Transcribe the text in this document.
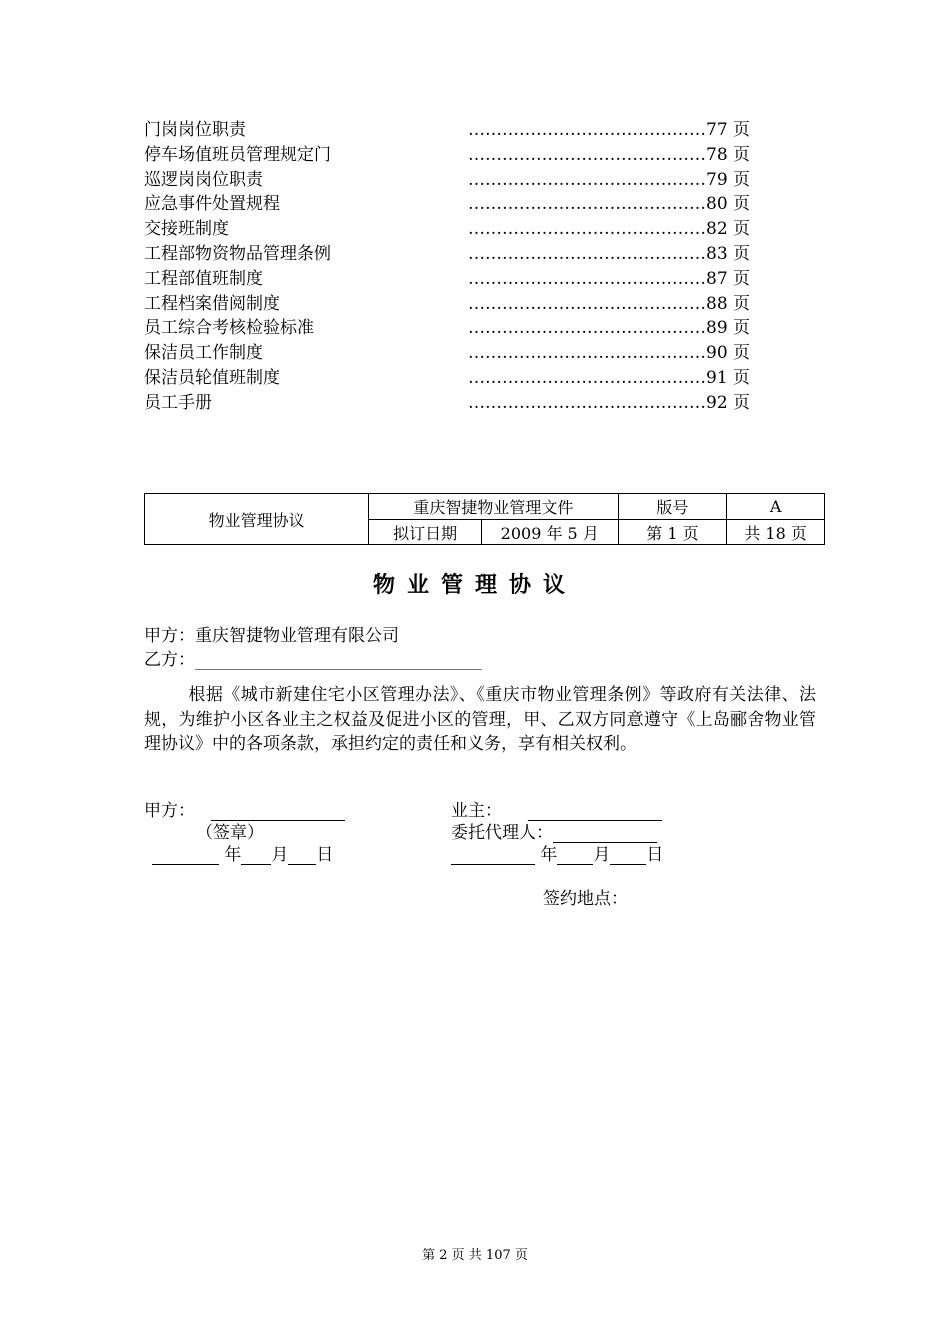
门岗岗位职责	……………………………………77 页
停车场值班员管理规定门	……………………………………78 页
巡逻岗岗位职责	……………………………………79 页
应急事件处置规程	……………………………………80 页
交接班制度	……………………………………82 页
工程部物资物品管理条例	……………………………………83 页
工程部值班制度	……………………………………87 页
工程档案借阅制度	……………………………………88 页
员工综合考核检验标准	……………………………………89 页
保洁员工作制度	……………………………………90 页
保洁员轮值班制度	……………………………………91 页
员工手册	……………………………………92 页
物业管理协议	重庆智捷物业管理文件		版号	A
	拟订日期	2009 年 5 月	第 1 页	共 18 页
物业管理协议
甲方：重庆智捷物业管理有限公司
乙方：
根据《城市新建住宅小区管理办法》、《重庆市物业管理条例》等政府有关法律、法规，为维护小区各业主之权益及促进小区的管理，甲、乙双方同意遵守《上岛郦舍物业管理协议》中的各项条款，承担约定的责任和义务，享有相关权利。
甲方：
（签章）
年 月 日
业主：
委托代理人：
年 月 日
签约地点：
第 2 页 共 107 页
